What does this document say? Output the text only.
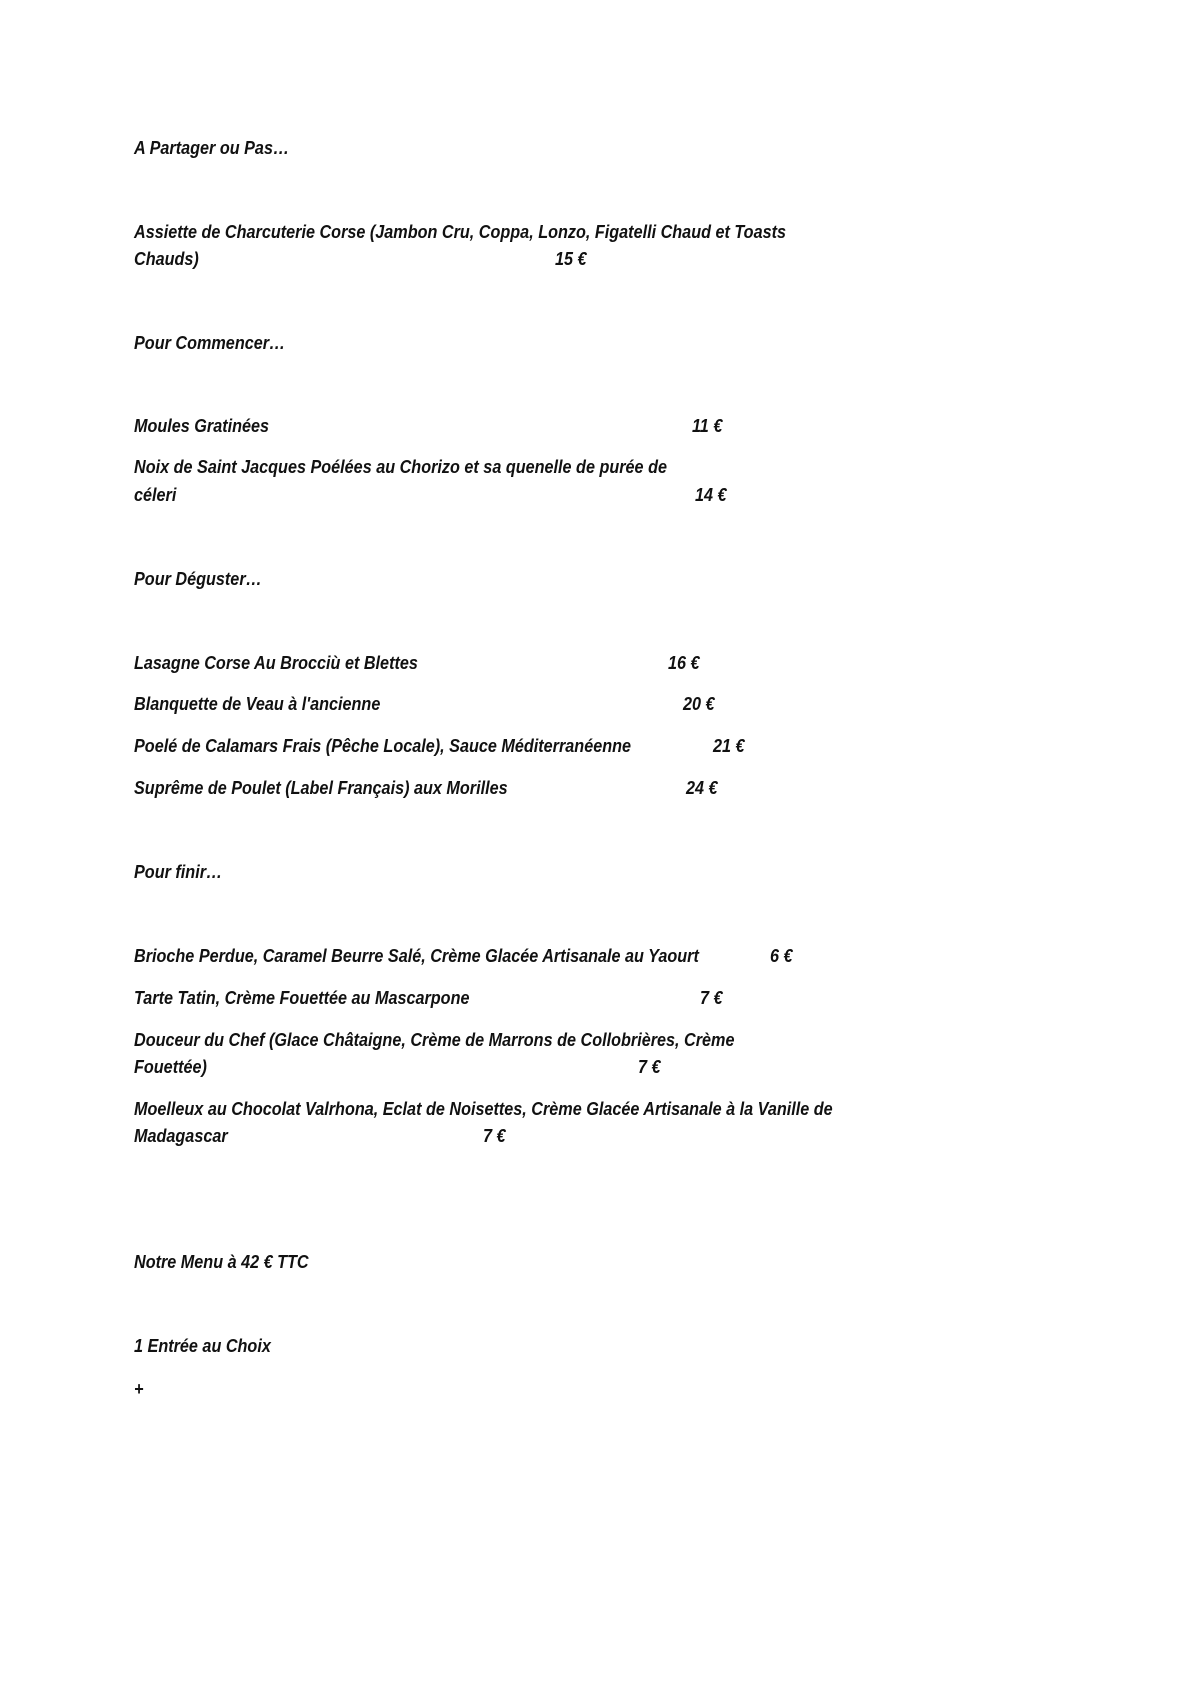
A Partager ou Pas…
Assiette de Charcuterie Corse (Jambon Cru, Coppa, Lonzo, Figatelli Chaud et Toasts
Chauds)	15 €
Pour Commencer…
Moules Gratinées	11 €
Noix de Saint Jacques Poélées au Chorizo et sa quenelle de purée de
céleri	14 €
Pour Déguster…
Lasagne Corse Au Brocciù et Blettes	16 €
Blanquette de Veau à l'ancienne	20 €
Poelé de Calamars Frais (Pêche Locale), Sauce Méditerranéenne	21 €
Suprême de Poulet (Label Français) aux Morilles	24 €
Pour finir…
Brioche Perdue, Caramel Beurre Salé, Crème Glacée Artisanale au Yaourt	6 €
Tarte Tatin, Crème Fouettée au Mascarpone	7 €
Douceur du Chef (Glace Châtaigne, Crème de Marrons de Collobrières, Crème
Fouettée)	7 €
Moelleux au Chocolat Valrhona, Eclat de Noisettes, Crème Glacée Artisanale à la Vanille de
Madagascar	7 €
Notre Menu à 42 € TTC
1 Entrée au Choix
+
